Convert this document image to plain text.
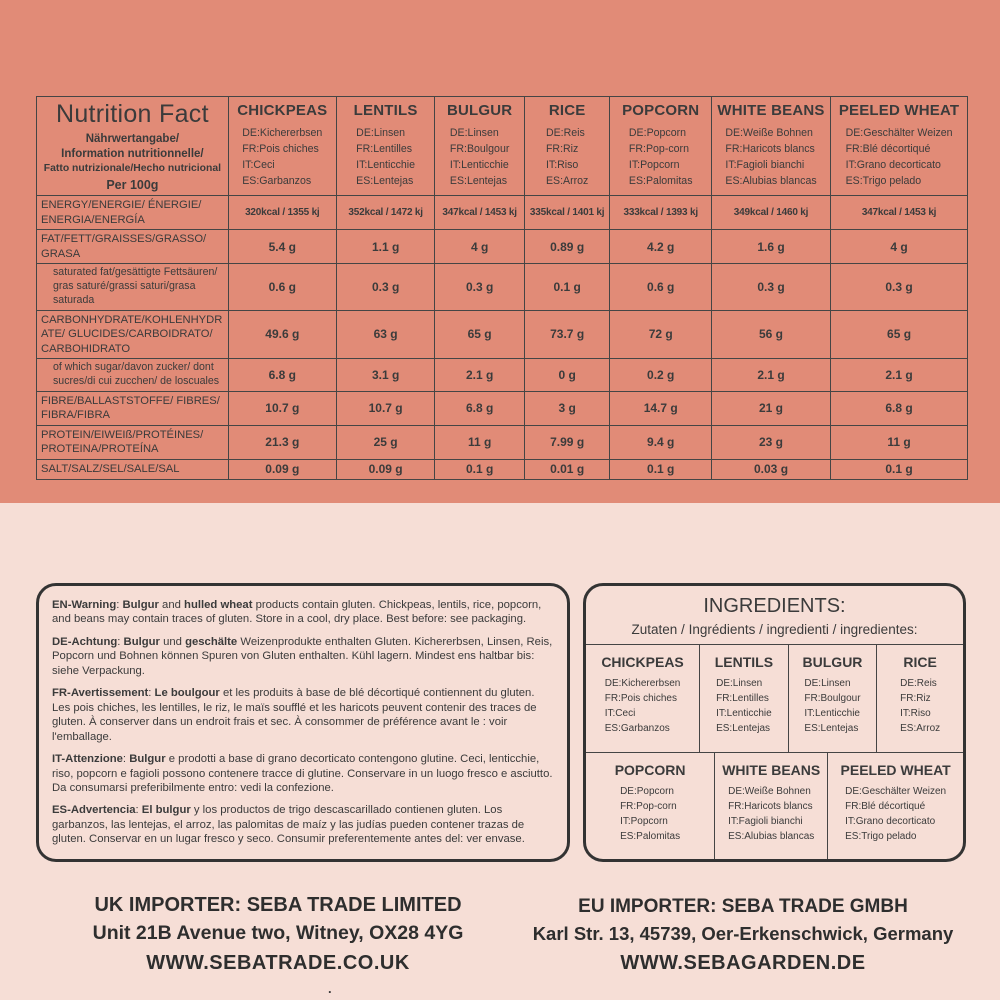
Nutrition Fact
Nährwertangabe/
Information nutritionnelle/
Fatto nutrizionale/Hecho nutricional
Per 100g

CHICKPEAS
DE:Kichererbsen
FR:Pois chiches
IT:Ceci
ES:Garbanzos

LENTILS
DE:Linsen
FR:Lentilles
IT:Lenticchie
ES:Lentejas

BULGUR
DE:Linsen
FR:Boulgour
IT:Lenticchie
ES:Lentejas

RICE
DE:Reis
FR:Riz
IT:Riso
ES:Arroz

POPCORN
DE:Popcorn
FR:Pop-corn
IT:Popcorn
ES:Palomitas

WHITE BEANS
DE:Weiße Bohnen
FR:Haricots blancs
IT:Fagioli bianchi
ES:Alubias blancas

PEELED WHEAT
DE:Geschälter Weizen
FR:Blé décortiqué
IT:Grano decorticato
ES:Trigo pelado

ENERGY/ENERGIE/ ÉNERGIE/ ENERGIA/ENERGÍA	320kcal / 1355 kj	352kcal / 1472 kj	347kcal / 1453 kj	335kcal / 1401 kj	333kcal / 1393 kj	349kcal / 1460 kj	347kcal / 1453 kj
FAT/FETT/GRAISSES/GRASSO/ GRASA	5.4 g	1.1 g	4 g	0.89 g	4.2 g	1.6 g	4 g
saturated fat/gesättigte Fettsäuren/ gras saturé/grassi saturi/grasa saturada	0.6 g	0.3 g	0.3 g	0.1 g	0.6 g	0.3 g	0.3 g
CARBONHYDRATE/KOHLENHYDRATE/ GLUCIDES/CARBOIDRATO/ CARBOHIDRATO	49.6 g	63 g	65 g	73.7 g	72 g	56 g	65 g
of which sugar/davon zucker/ dont sucres/di cui zucchen/ de loscuales	6.8 g	3.1 g	2.1 g	0 g	0.2 g	2.1 g	2.1 g
FIBRE/BALLASTSTOFFE/ FIBRES/ FIBRA/FIBRA	10.7 g	10.7 g	6.8 g	3 g	14.7 g	21 g	6.8 g
PROTEIN/EIWEIß/PROTÉINES/ PROTEINA/PROTEÍNA	21.3 g	25 g	11 g	7.99 g	9.4 g	23 g	11 g
SALT/SALZ/SEL/SALE/SAL	0.09 g	0.09 g	0.1 g	0.01 g	0.1 g	0.03 g	0.1 g

EN-Warning: Bulgur and hulled wheat products contain gluten. Chickpeas, lentils, rice, popcorn, and beans may contain traces of gluten. Store in a cool, dry place. Best before: see packaging.

DE-Achtung: Bulgur und geschälte Weizenprodukte enthalten Gluten. Kichererbsen, Linsen, Reis, Popcorn und Bohnen können Spuren von Gluten enthalten. Kühl lagern. Mindest ens haltbar bis: siehe Verpackung.

FR-Avertissement: Le boulgour et les produits à base de blé décortiqué contiennent du gluten. Les pois chiches, les lentilles, le riz, le maïs soufflé et les haricots peuvent contenir des traces de gluten. À conserver dans un endroit frais et sec. À consommer de préférence avant le : voir l'emballage.

IT-Attenzione: Bulgur e prodotti a base di grano decorticato contengono glutine. Ceci, lenticchie, riso, popcorn e fagioli possono contenere tracce di glutine. Conservare in un luogo fresco e asciutto. Da consumarsi preferibilmente entro: vedi la confezione.

ES-Advertencia: El bulgur y los productos de trigo descascarillado contienen gluten. Los garbanzos, las lentejas, el arroz, las palomitas de maíz y las judías pueden contener trazas de gluten. Conservar en un lugar fresco y seco. Consumir preferentemente antes del: ver envase.

INGREDIENTS:
Zutaten / Ingrédients / ingredienti / ingredientes:
CHICKPEAS
DE:Kichererbsen
FR:Pois chiches
IT:Ceci
ES:Garbanzos
LENTILS
DE:Linsen
FR:Lentilles
IT:Lenticchie
ES:Lentejas
BULGUR
DE:Linsen
FR:Boulgour
IT:Lenticchie
ES:Lentejas
RICE
DE:Reis
FR:Riz
IT:Riso
ES:Arroz
POPCORN
DE:Popcorn
FR:Pop-corn
IT:Popcorn
ES:Palomitas
WHITE BEANS
DE:Weiße Bohnen
FR:Haricots blancs
IT:Fagioli bianchi
ES:Alubias blancas
PEELED WHEAT
DE:Geschälter Weizen
FR:Blé décortiqué
IT:Grano decorticato
ES:Trigo pelado
UK IMPORTER: SEBA TRADE LIMITED
Unit 21B Avenue two, Witney, OX28 4YG
WWW.SEBATRADE.CO.UK
EU IMPORTER: SEBA TRADE GMBH
Karl Str. 13, 45739, Oer-Erkenschwick, Germany
WWW.SEBAGARDEN.DE
.
